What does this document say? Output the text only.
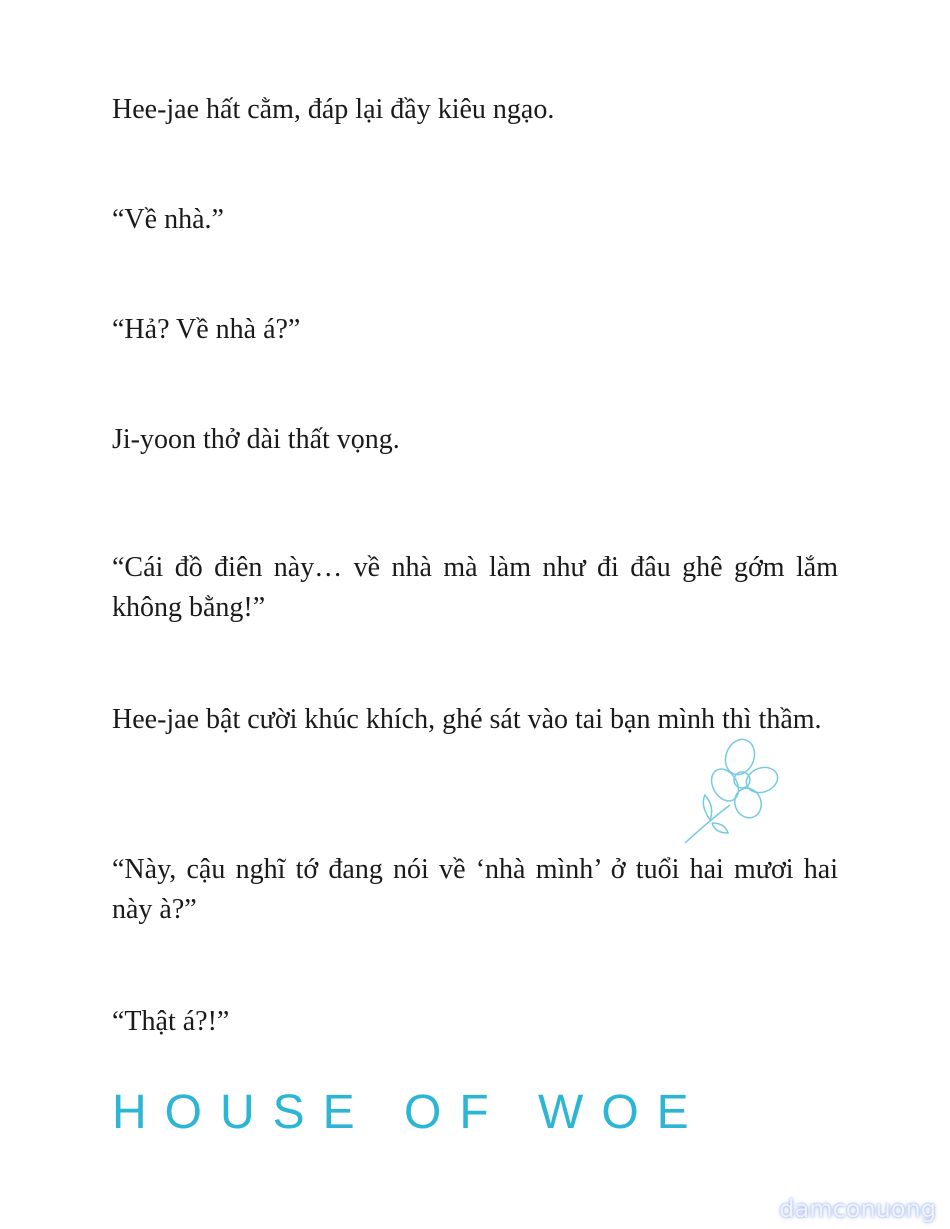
Hee-jae hất cằm, đáp lại đầy kiêu ngạo.

“Về nhà.”

“Hả? Về nhà á?”

Ji-yoon thở dài thất vọng.

“Cái đồ điên này… về nhà mà làm như đi đâu ghê gớm lắm không bằng!”

Hee-jae bật cười khúc khích, ghé sát vào tai bạn mình thì thầm.

“Này, cậu nghĩ tớ đang nói về ‘nhà mình’ ở tuổi hai mươi hai này à?”

“Thật á?!”

HOUSE OF WOE
damconuong
